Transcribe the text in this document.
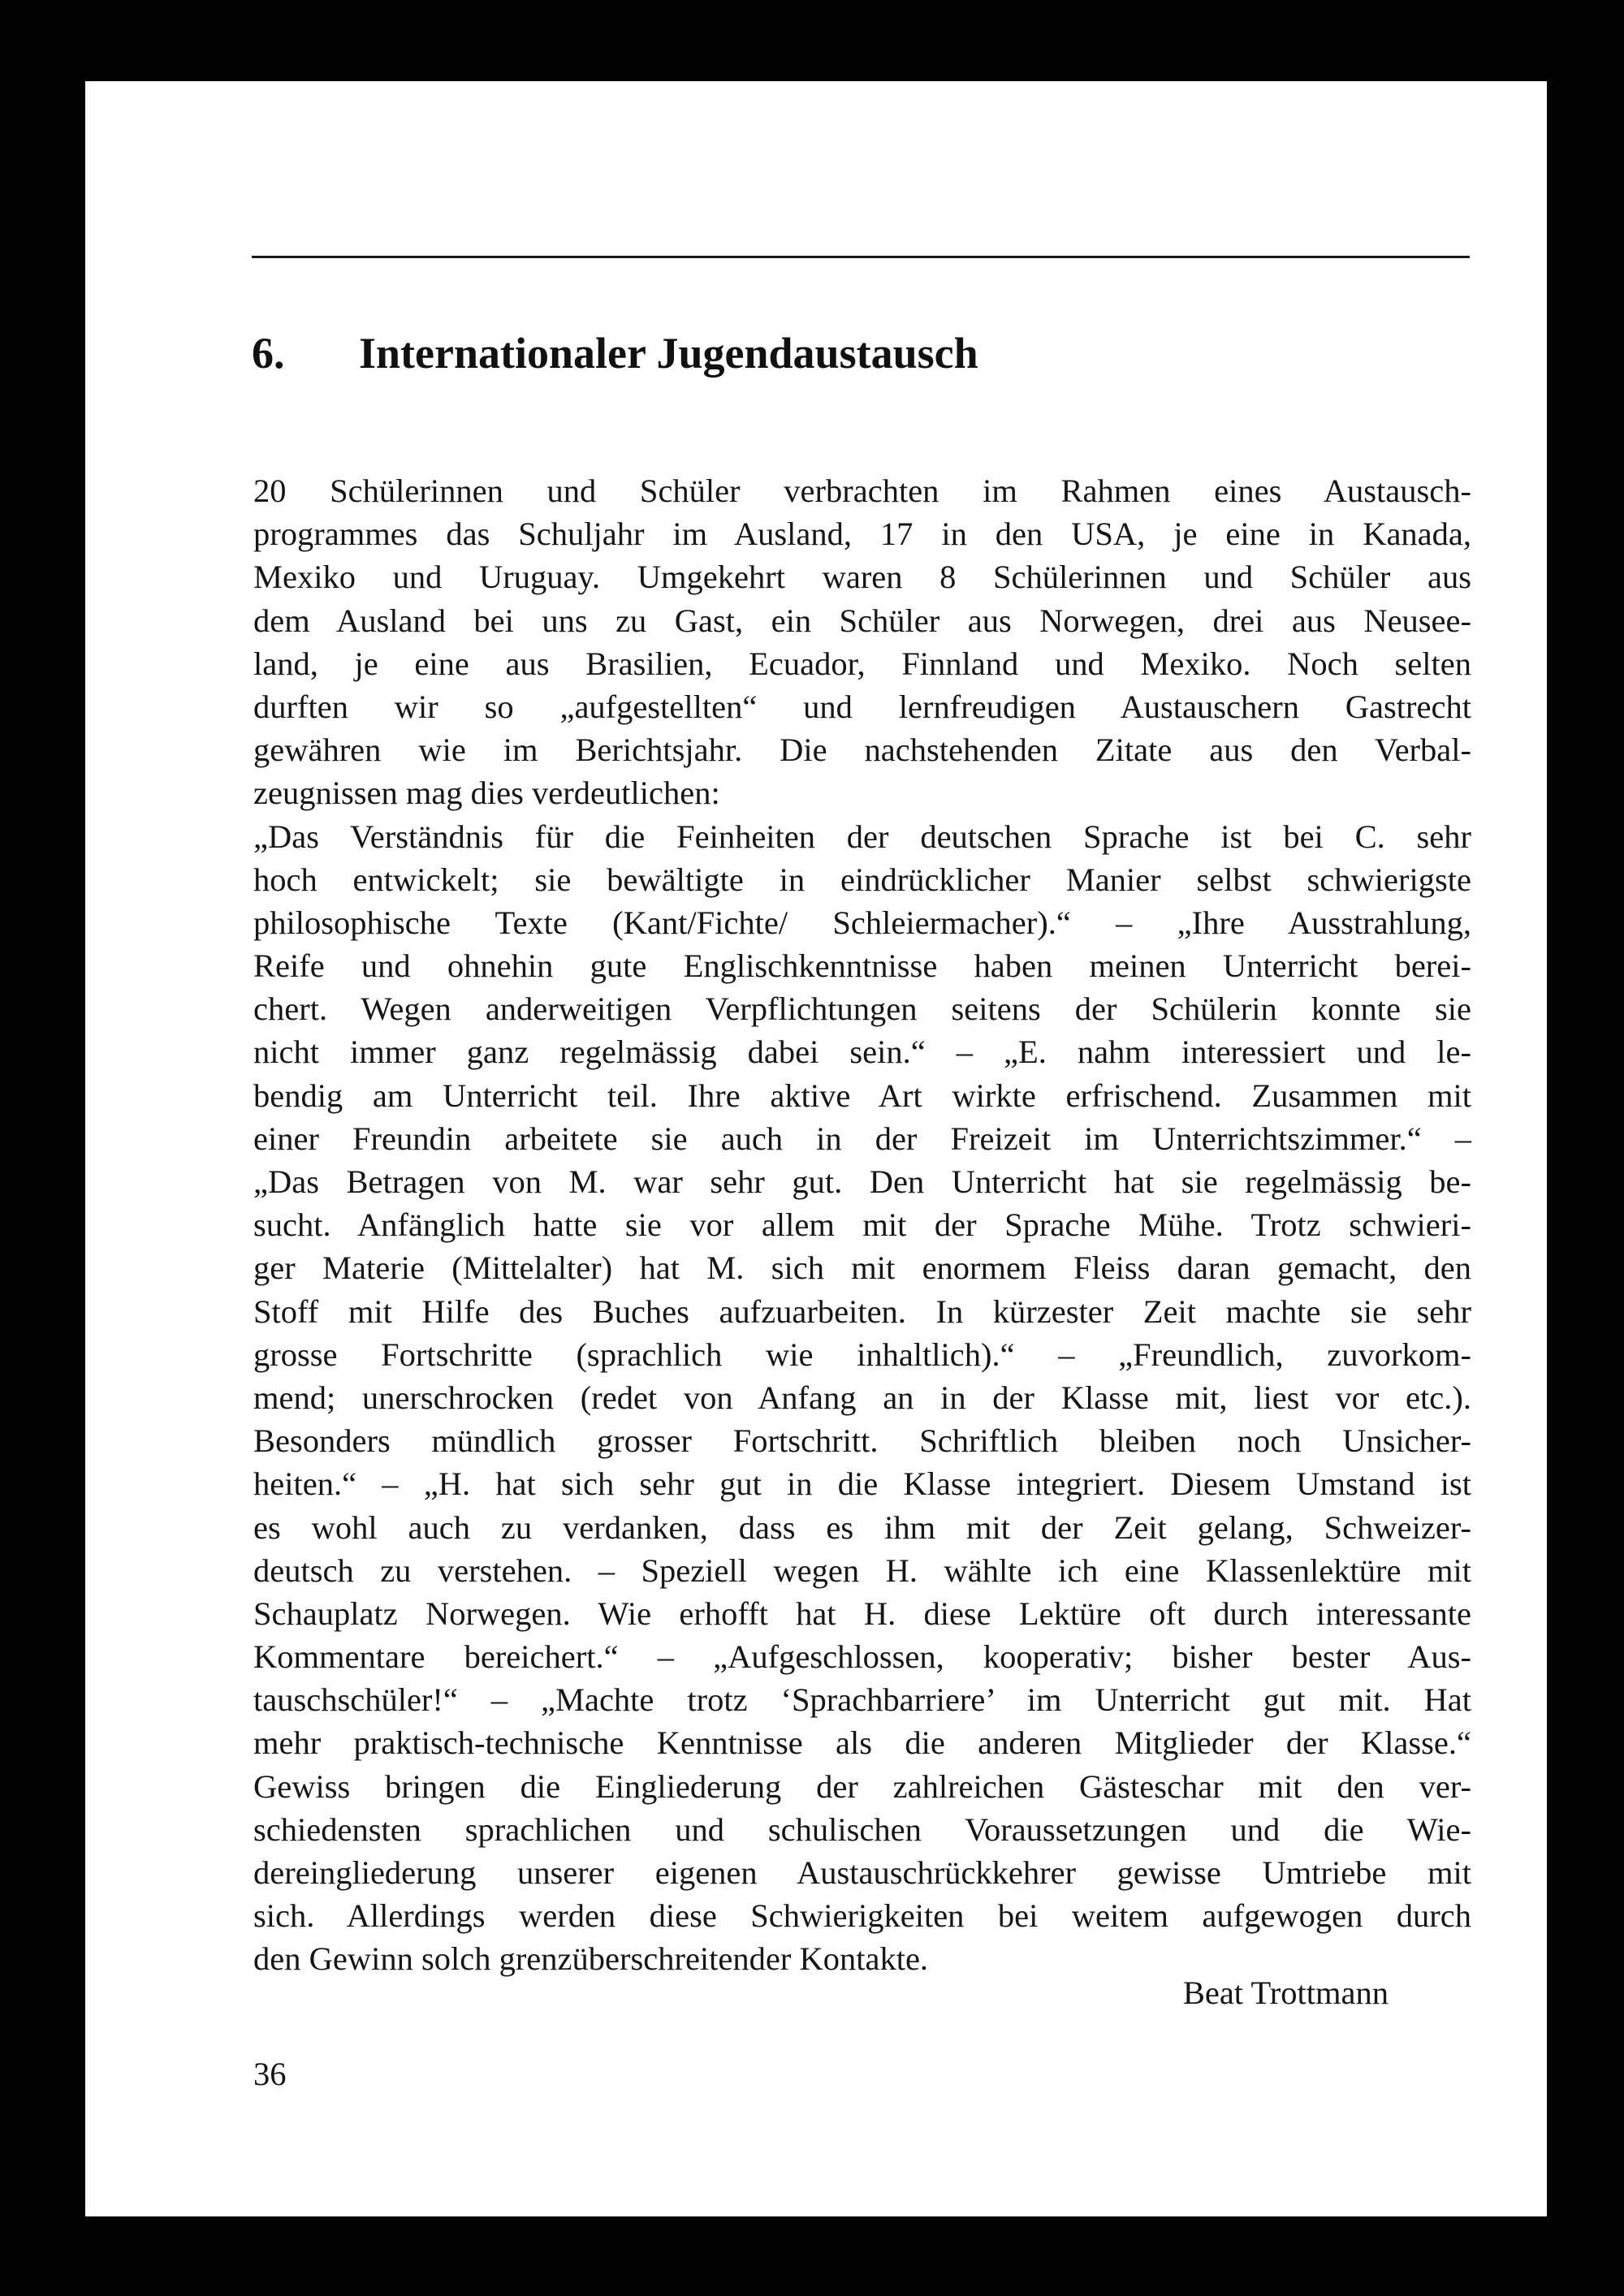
6. Internationaler Jugendaustausch
20 Schülerinnen und Schüler verbrachten im Rahmen eines Austausch-
programmes das Schuljahr im Ausland, 17 in den USA, je eine in Kanada,
Mexiko und Uruguay. Umgekehrt waren 8 Schülerinnen und Schüler aus
dem Ausland bei uns zu Gast, ein Schüler aus Norwegen, drei aus Neusee-
land, je eine aus Brasilien, Ecuador, Finnland und Mexiko. Noch selten
durften wir so „aufgestellten“ und lernfreudigen Austauschern Gastrecht
gewähren wie im Berichtsjahr. Die nachstehenden Zitate aus den Verbal-
zeugnissen mag dies verdeutlichen:
„Das Verständnis für die Feinheiten der deutschen Sprache ist bei C. sehr
hoch entwickelt; sie bewältigte in eindrücklicher Manier selbst schwierigste
philosophische Texte (Kant/Fichte/ Schleiermacher).“ – „Ihre Ausstrahlung,
Reife und ohnehin gute Englischkenntnisse haben meinen Unterricht berei-
chert. Wegen anderweitigen Verpflichtungen seitens der Schülerin konnte sie
nicht immer ganz regelmässig dabei sein.“ – „E. nahm interessiert und le-
bendig am Unterricht teil. Ihre aktive Art wirkte erfrischend. Zusammen mit
einer Freundin arbeitete sie auch in der Freizeit im Unterrichtszimmer.“ –
„Das Betragen von M. war sehr gut. Den Unterricht hat sie regelmässig be-
sucht. Anfänglich hatte sie vor allem mit der Sprache Mühe. Trotz schwieri-
ger Materie (Mittelalter) hat M. sich mit enormem Fleiss daran gemacht, den
Stoff mit Hilfe des Buches aufzuarbeiten. In kürzester Zeit machte sie sehr
grosse Fortschritte (sprachlich wie inhaltlich).“ – „Freundlich, zuvorkom-
mend; unerschrocken (redet von Anfang an in der Klasse mit, liest vor etc.).
Besonders mündlich grosser Fortschritt. Schriftlich bleiben noch Unsicher-
heiten.“ – „H. hat sich sehr gut in die Klasse integriert. Diesem Umstand ist
es wohl auch zu verdanken, dass es ihm mit der Zeit gelang, Schweizer-
deutsch zu verstehen. – Speziell wegen H. wählte ich eine Klassenlektüre mit
Schauplatz Norwegen. Wie erhofft hat H. diese Lektüre oft durch interessante
Kommentare bereichert.“ – „Aufgeschlossen, kooperativ; bisher bester Aus-
tauschschüler!“ – „Machte trotz ‘Sprachbarriere’ im Unterricht gut mit. Hat
mehr praktisch-technische Kenntnisse als die anderen Mitglieder der Klasse.“
Gewiss bringen die Eingliederung der zahlreichen Gästeschar mit den ver-
schiedensten sprachlichen und schulischen Voraussetzungen und die Wie-
dereingliederung unserer eigenen Austauschrückkehrer gewisse Umtriebe mit
sich. Allerdings werden diese Schwierigkeiten bei weitem aufgewogen durch
den Gewinn solch grenzüberschreitender Kontakte.
Beat Trottmann
36
